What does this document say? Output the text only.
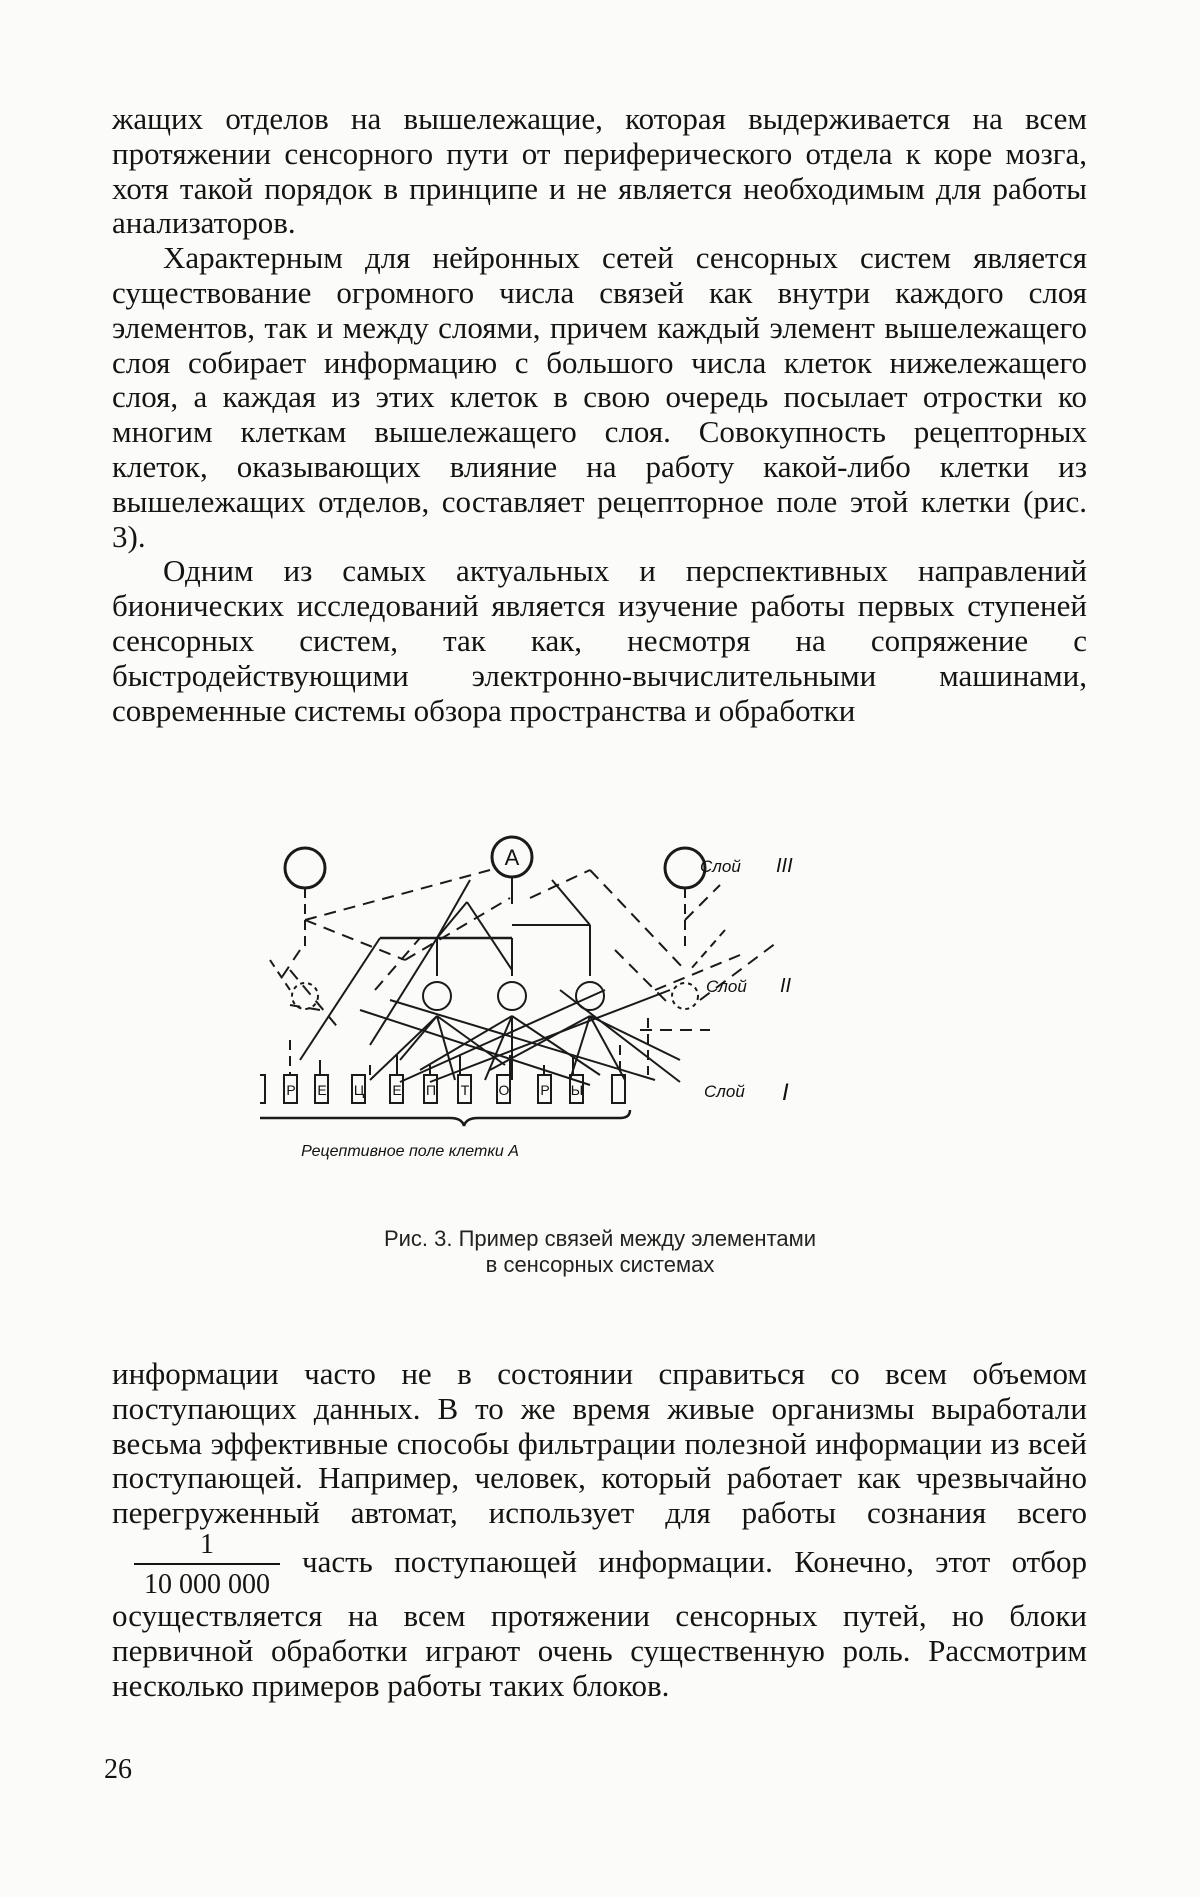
жащих отделов на вышележащие, которая выдерживается на всем протяжении сенсорного пути от периферического отдела к коре мозга, хотя такой порядок в принципе и не является необходимым для работы анализаторов.

Характерным для нейронных сетей сенсорных систем является существование огромного числа связей как внутри каждого слоя элементов, так и между слоями, причем каждый элемент вышележащего слоя собирает информацию с большого числа клеток нижележащего слоя, а каждая из этих клеток в свою очередь посылает отростки ко многим клеткам вышележащего слоя. Совокупность рецепторных клеток, оказывающих влияние на работу какой-либо клетки из вышележащих отделов, составляет рецепторное поле этой клетки (рис. 3).

Одним из самых актуальных и перспективных направлений бионических исследований является изучение работы первых ступеней сенсорных систем, так как, несмотря на сопряжение с быстродействующими электронно-вычислительными машинами, современные системы обзора пространства и обработки

А
Р Е Ц Е П Т О Р Ы
Слой III
Слой II
Слой I
Рецептивное поле клетки А
Рис. 3. Пример связей между элементами
в сенсорных системах

информации часто не в состоянии справиться со всем объемом поступающих данных. В то же время живые организмы выработали весьма эффективные способы фильтрации полезной информации из всей поступающей. Например, человек, который работает как чрезвычайно перегруженный автомат, использует для работы сознания всего
$\frac{1}{10 000 000}$ часть поступающей информации. Конечно, этот отбор осуществляется на всем протяжении сенсорных путей, но блоки первичной обработки играют очень существенную роль. Рассмотрим несколько примеров работы таких блоков.

26
